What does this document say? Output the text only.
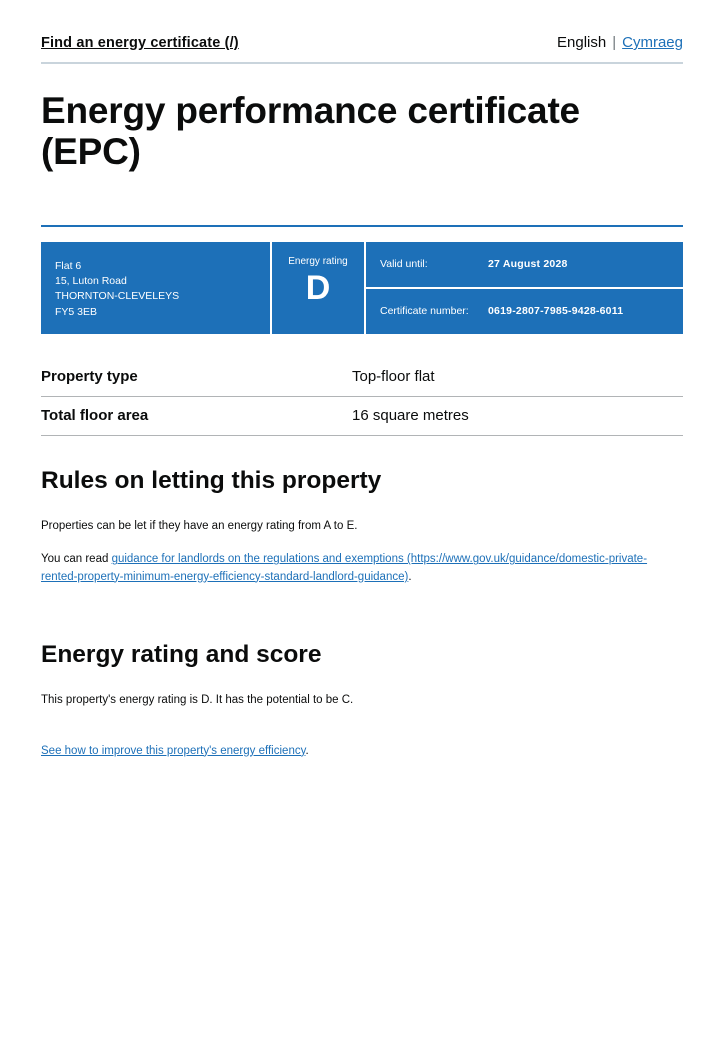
Find an energy certificate (/)	English | Cymraeg
Energy performance certificate (EPC)
Flat 6
15, Luton Road
THORNTON-CLEVELEYS
FY5 3EB
Energy rating
D
Valid until:	27 August 2028
Certificate number:	0619-2807-7985-9428-6011
Property type	Top-floor flat
Total floor area	16 square metres
Rules on letting this property

Properties can be let if they have an energy rating from A to E.

You can read guidance for landlords on the regulations and exemptions (https://www.gov.uk/guidance/domestic-private-rented-property-minimum-energy-efficiency-standard-landlord-guidance).

Energy rating and score

This property's energy rating is D. It has the potential to be C.

See how to improve this property's energy efficiency.
